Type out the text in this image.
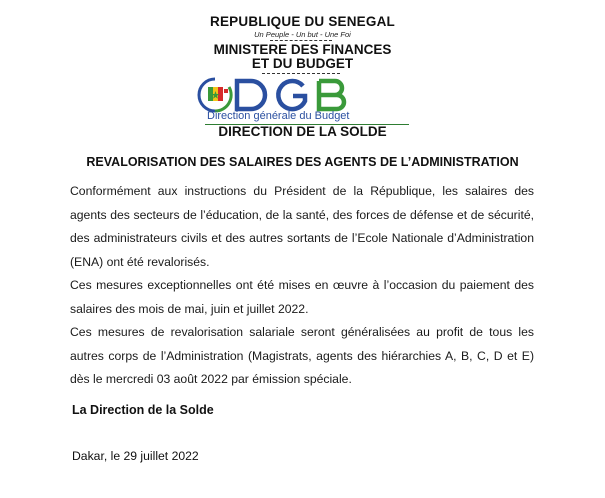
REPUBLIQUE DU SENEGAL
Un Peuple - Un but - Une Foi
MINISTERE DES FINANCES
ET DU BUDGET
Direction générale du Budget
DIRECTION DE LA SOLDE
REVALORISATION DES SALAIRES DES AGENTS DE L’ADMINISTRATION

Conformément aux instructions du Président de la République, les salaires des agents des secteurs de l’éducation, de la santé, des forces de défense et de sécurité, des administrateurs civils et des autres sortants de l’Ecole Nationale d’Administration (ENA) ont été revalorisés.

Ces mesures exceptionnelles ont été mises en œuvre à l’occasion du paiement des salaires des mois de mai, juin et juillet 2022.

Ces mesures de revalorisation salariale seront généralisées au profit de tous les autres corps de l’Administration (Magistrats, agents des hiérarchies A, B, C, D et E) dès le mercredi 03 août 2022 par émission spéciale.

La Direction de la Solde
Dakar, le 29 juillet 2022
